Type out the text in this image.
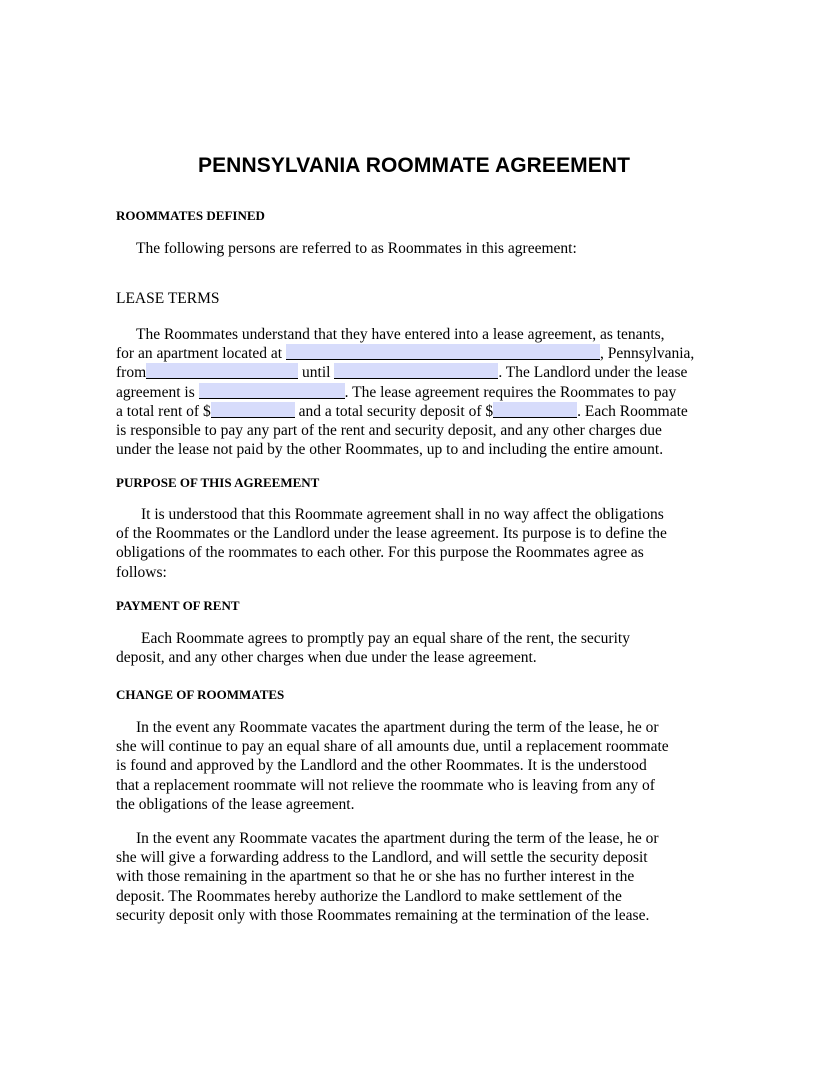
PENNSYLVANIA ROOMMATE AGREEMENT
ROOMMATES DEFINED
The following persons are referred to as Roommates in this agreement:
LEASE TERMS
The Roommates understand that they have entered into a lease agreement, as tenants,
for an apartment located at	, Pennsylvania,
from	until	. The Landlord under the lease
agreement is	. The lease agreement requires the Roommates to pay
a total rent of $	and a total security deposit of $	. Each Roommate
is responsible to pay any part of the rent and security deposit, and any other charges due
under the lease not paid by the other Roommates, up to and including the entire amount.
PURPOSE OF THIS AGREEMENT
It is understood that this Roommate agreement shall in no way affect the obligations
of the Roommates or the Landlord under the lease agreement. Its purpose is to define the
obligations of the roommates to each other. For this purpose the Roommates agree as
follows:
PAYMENT OF RENT
Each Roommate agrees to promptly pay an equal share of the rent, the security
deposit, and any other charges when due under the lease agreement.
CHANGE OF ROOMMATES
In the event any Roommate vacates the apartment during the term of the lease, he or
she will continue to pay an equal share of all amounts due, until a replacement roommate
is found and approved by the Landlord and the other Roommates. It is the understood
that a replacement roommate will not relieve the roommate who is leaving from any of
the obligations of the lease agreement.
In the event any Roommate vacates the apartment during the term of the lease, he or
she will give a forwarding address to the Landlord, and will settle the security deposit
with those remaining in the apartment so that he or she has no further interest in the
deposit. The Roommates hereby authorize the Landlord to make settlement of the
security deposit only with those Roommates remaining at the termination of the lease.
